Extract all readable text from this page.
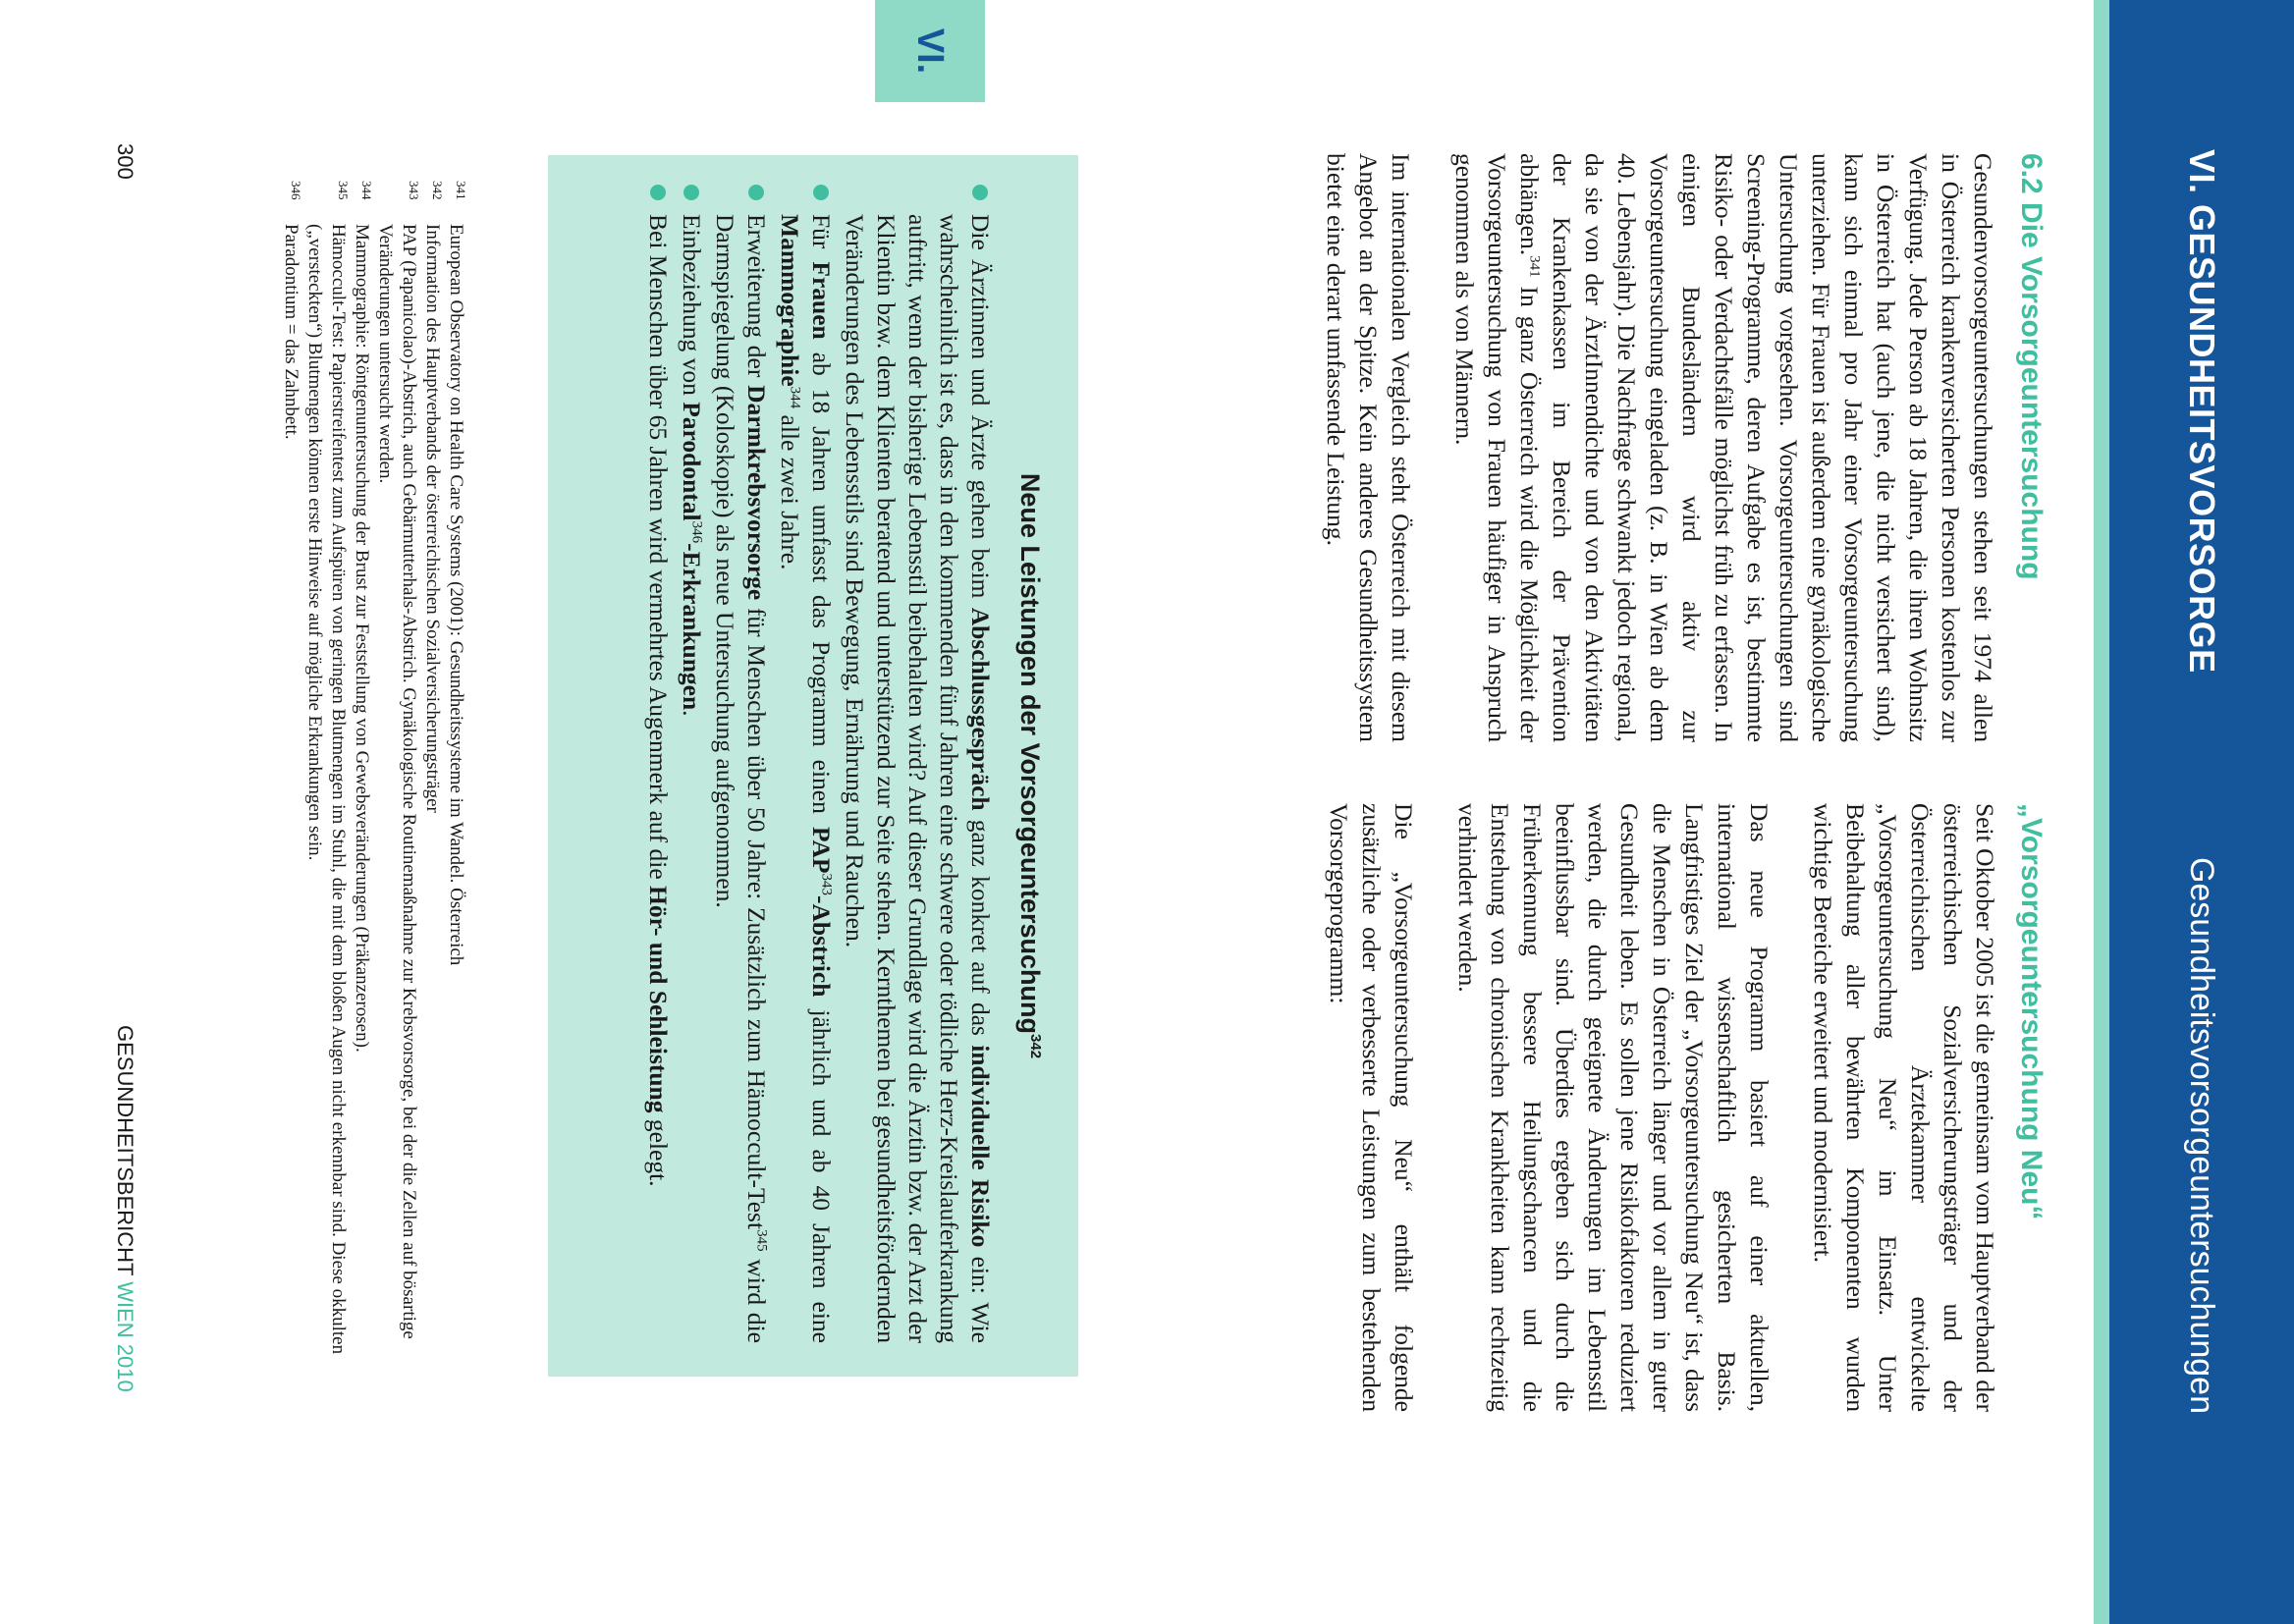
VI. GESUNDHEITSVORSORGE
Gesundheitsvorsorgeuntersuchungen
VI.
6.2 Die Vorsorgeuntersuchung

Gesundenvorsorgeuntersuchungen stehen seit 1974 allen in Österreich krankenversicherten Personen kostenlos zur Verfügung. Jede Person ab 18 Jahren, die ihren Wohnsitz in Österreich hat (auch jene, die nicht versichert sind), kann sich einmal pro Jahr einer Vorsorgeuntersuchung unterziehen. Für Frauen ist außerdem eine gynäkologische Untersuchung vorgesehen. Vorsorgeuntersuchungen sind Screening-Programme, deren Aufgabe es ist, bestimmte Risiko- oder Verdachtsfälle möglichst früh zu erfassen. In einigen Bundesländern wird aktiv zur Vorsorgeuntersuchung eingeladen (z. B. in Wien ab dem 40. Lebensjahr). Die Nachfrage schwankt jedoch regional, da sie von der ÄrztInnendichte und von den Aktivitäten der Krankenkassen im Bereich der Prävention abhängen.$^{341}$ In ganz Österreich wird die Möglichkeit der Vorsorgeuntersuchung von Frauen häufiger in Anspruch genommen als von Männern.

Im internationalen Vergleich steht Österreich mit diesem Angebot an der Spitze. Kein anderes Gesundheitssystem bietet eine derart umfassende Leistung.

„Vorsorgeuntersuchung Neu“

Seit Oktober 2005 ist die gemeinsam vom Hauptverband der österreichischen Sozialversicherungsträger und der Österreichischen Ärztekammer entwickelte „Vorsorgeuntersuchung Neu“ im Einsatz. Unter Beibehaltung aller bewährten Komponenten wurden wichtige Bereiche erweitert und modernisiert.

Das neue Programm basiert auf einer aktuellen, international wissenschaftlich gesicherten Basis. Langfristiges Ziel der „Vorsorgeuntersuchung Neu“ ist, dass die Menschen in Österreich länger und vor allem in guter Gesundheit leben. Es sollen jene Risikofaktoren reduziert werden, die durch geeignete Änderungen im Lebensstil beeinflussbar sind. Überdies ergeben sich durch die Früherkennung bessere Heilungschancen und die Entstehung von chronischen Krankheiten kann rechtzeitig verhindert werden.

Die „Vorsorgeuntersuchung Neu“ enthält folgende zusätzliche oder verbesserte Leistungen zum bestehenden Vorsorgeprogramm:

Neue Leistungen der Vorsorgeuntersuchung$^{342}$
Die Ärztinnen und Ärzte gehen beim Abschlussgespräch ganz konkret auf das individuelle Risiko ein: Wie wahrscheinlich ist es, dass in den kommenden fünf Jahren eine schwere oder tödliche Herz-Kreislauferkrankung auftritt, wenn der bisherige Lebensstil beibehalten wird? Auf dieser Grundlage wird die Ärztin bzw. der Arzt der Klientin bzw. dem Klienten beratend und unterstützend zur Seite stehen. Kernthemen bei gesundheitsfördernden Veränderungen des Lebensstils sind Bewegung, Ernährung und Rauchen.
Für Frauen ab 18 Jahren umfasst das Programm einen PAP$^{343}$-Abstrich jährlich und ab 40 Jahren eine Mammographie$^{344}$ alle zwei Jahre.
Erweiterung der Darmkrebsvorsorge für Menschen über 50 Jahre: Zusätzlich zum Hämoccult-Test$^{345}$ wird die Darmspiegelung (Koloskopie) als neue Untersuchung aufgenommen.
Einbeziehung von Parodontal$^{346}$-Erkrankungen.
Bei Menschen über 65 Jahren wird vermehrtes Augenmerk auf die Hör- und Sehleistung gelegt.
341
European Observatory on Health Care Systems (2001): Gesundheitssysteme im Wandel. Österreich
342
Information des Hauptverbands der österreichischen Sozialversicherungsträger
343
PAP (Papanicolao)-Abstrich, auch Gebärmutterhals-Abstrich. Gynäkologische Routinemaßnahme zur Krebsvorsorge, bei der die Zellen auf bösartige Veränderungen untersucht werden.
344
Mammographie: Röntgenuntersuchung der Brust zur Feststellung von Gewebsveränderungen (Präkanzerosen).
345
Hämoccult-Test: Papierstreifentest zum Aufspüren von geringen Blutmengen im Stuhl, die mit dem bloßen Augen nicht erkennbar sind. Diese okkulten („versteckten“) Blutmengen können erste Hinweise auf mögliche Erkrankungen sein.
346
Paradontium = das Zahnbett.
300
GESUNDHEITSBERICHT WIEN 2010
